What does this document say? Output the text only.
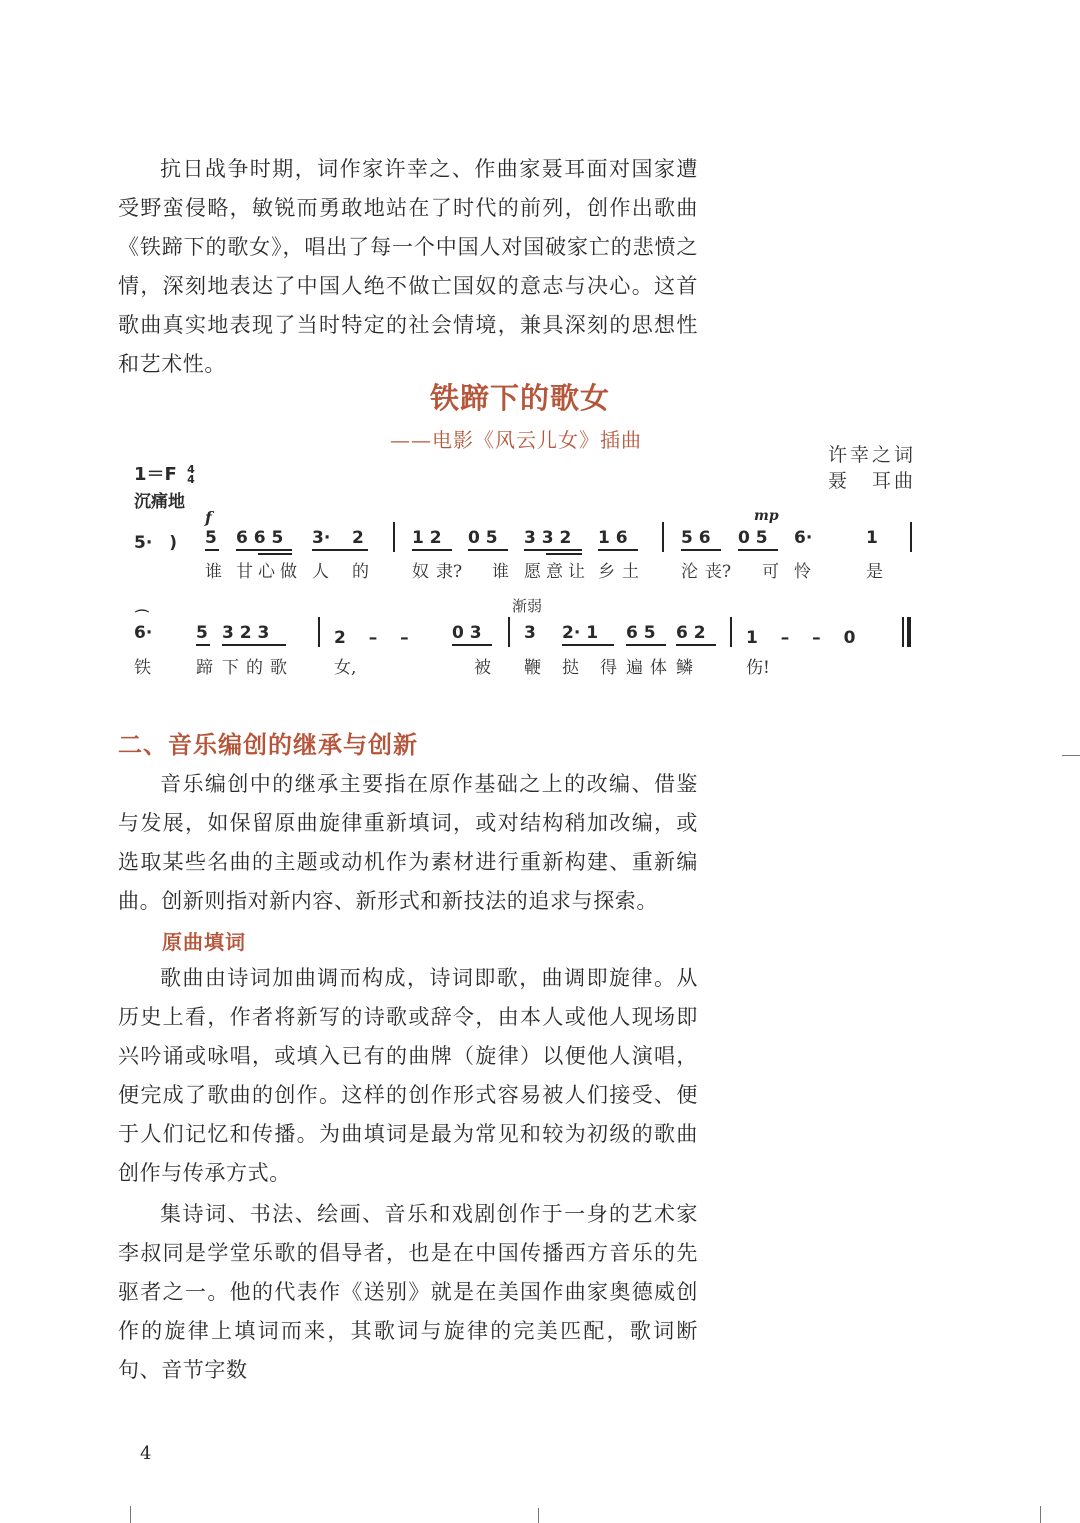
抗日战争时期，词作家许幸之、作曲家聂耳面对国家遭受野蛮侵略，敏锐而勇敢地站在了时代的前列，创作出歌曲《铁蹄下的歌女》，唱出了每一个中国人对国破家亡的悲愤之情，深刻地表达了中国人绝不做亡国奴的意志与决心。这首歌曲真实地表现了当时特定的社会情境，兼具深刻的思想性和艺术性。

铁蹄下的歌女
——电影《风云儿女》插曲
许幸之词
聂　耳曲
1＝F 4
4
沉痛地
f	mp
5·　) 5 6 6 5 3· 2	1 2 0 5 3 3 2 1 6	5 6 0 5 6·	1
谁 甘 心 做 人 的	奴 隶? 谁 愿 意 让 乡 土 沦 丧? 可 怜	是
渐弱
⌒
6·	5 3 2 3	2 　– 　–	0 3 3 2· 1 6 5 6 2 1 　– 　– 　0
铁	蹄 下 的 歌	女,	被 鞭 挞 得 遍 体 鳞	伤!
二、音乐编创的继承与创新

音乐编创中的继承主要指在原作基础之上的改编、借鉴与发展，如保留原曲旋律重新填词，或对结构稍加改编，或选取某些名曲的主题或动机作为素材进行重新构建、重新编曲。创新则指对新内容、新形式和新技法的追求与探索。

原曲填词

歌曲由诗词加曲调而构成，诗词即歌，曲调即旋律。从历史上看，作者将新写的诗歌或辞令，由本人或他人现场即兴吟诵或咏唱，或填入已有的曲牌（旋律）以便他人演唱，便完成了歌曲的创作。这样的创作形式容易被人们接受、便于人们记忆和传播。为曲填词是最为常见和较为初级的歌曲创作与传承方式。

集诗词、书法、绘画、音乐和戏剧创作于一身的艺术家李叔同是学堂乐歌的倡导者，也是在中国传播西方音乐的先驱者之一。他的代表作《送别》就是在美国作曲家奥德威创作的旋律上填词而来，其歌词与旋律的完美匹配，歌词断句、音节字数

4
